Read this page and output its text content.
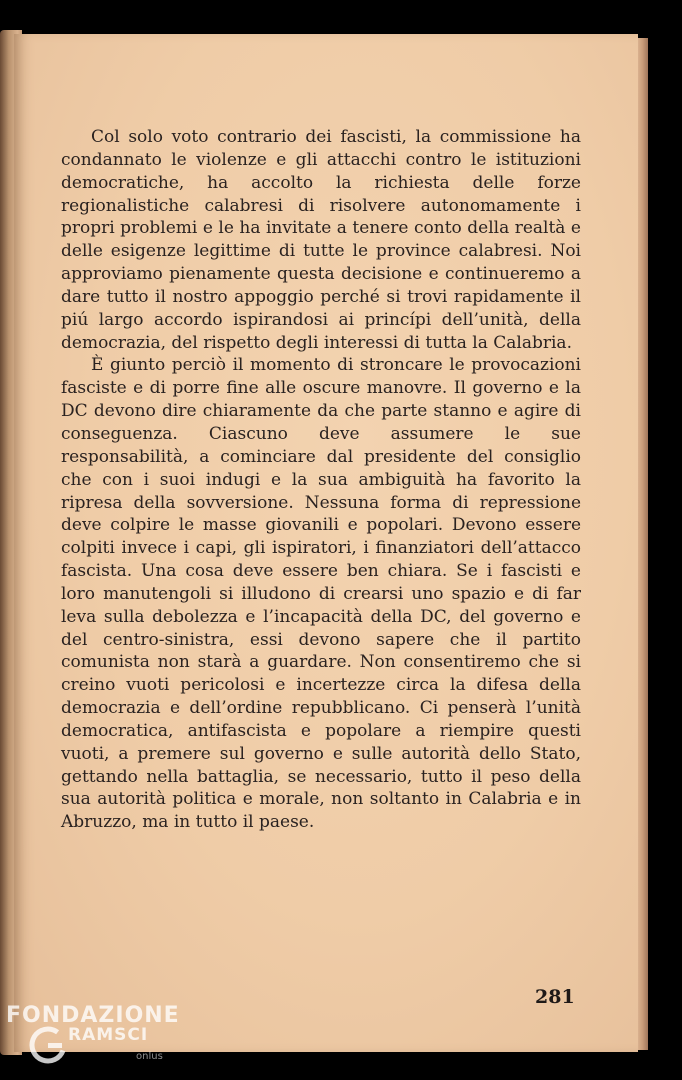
Col solo voto contrario dei fascisti, la commissione ha condannato le violenze e gli attacchi contro le istituzioni democratiche, ha accolto la richiesta delle forze regionalistiche calabresi di risolvere autonomamente i propri problemi e le ha invitate a tenere conto della realtà e delle esigenze legittime di tutte le province calabresi. Noi approviamo pienamente questa decisione e continueremo a dare tutto il nostro appoggio perché si trovi rapidamente il piú largo accordo ispirandosi ai princípi dell’unità, della democrazia, del rispetto degli interessi di tutta la Calabria.

È giunto perciò il momento di stroncare le provocazioni fasciste e di porre fine alle oscure manovre. Il governo e la DC devono dire chiaramente da che parte stanno e agire di conseguenza. Ciascuno deve assumere le sue responsabilità, a cominciare dal presidente del consiglio che con i suoi indugi e la sua ambiguità ha favorito la ripresa della sovversione. Nessuna forma di repressione deve colpire le masse giovanili e popolari. Devono essere colpiti invece i capi, gli ispiratori, i finanziatori dell’attacco fascista. Una cosa deve essere ben chiara. Se i fascisti e loro manutengoli si illudono di crearsi uno spazio e di far leva sulla debolezza e l’incapacità della DC, del governo e del centro-sinistra, essi devono sapere che il partito comunista non starà a guardare. Non consentiremo che si creino vuoti pericolosi e incertezze circa la difesa della democrazia e dell’ordine repubblicano. Ci penserà l’unità democratica, antifascista e popolare a riempire questi vuoti, a premere sul governo e sulle autorità dello Stato, gettando nella battaglia, se necessario, tutto il peso della sua autorità politica e morale, non soltanto in Calabria e in Abruzzo, ma in tutto il paese.

281
FONDAZIONE
RAMSCI
onlus
